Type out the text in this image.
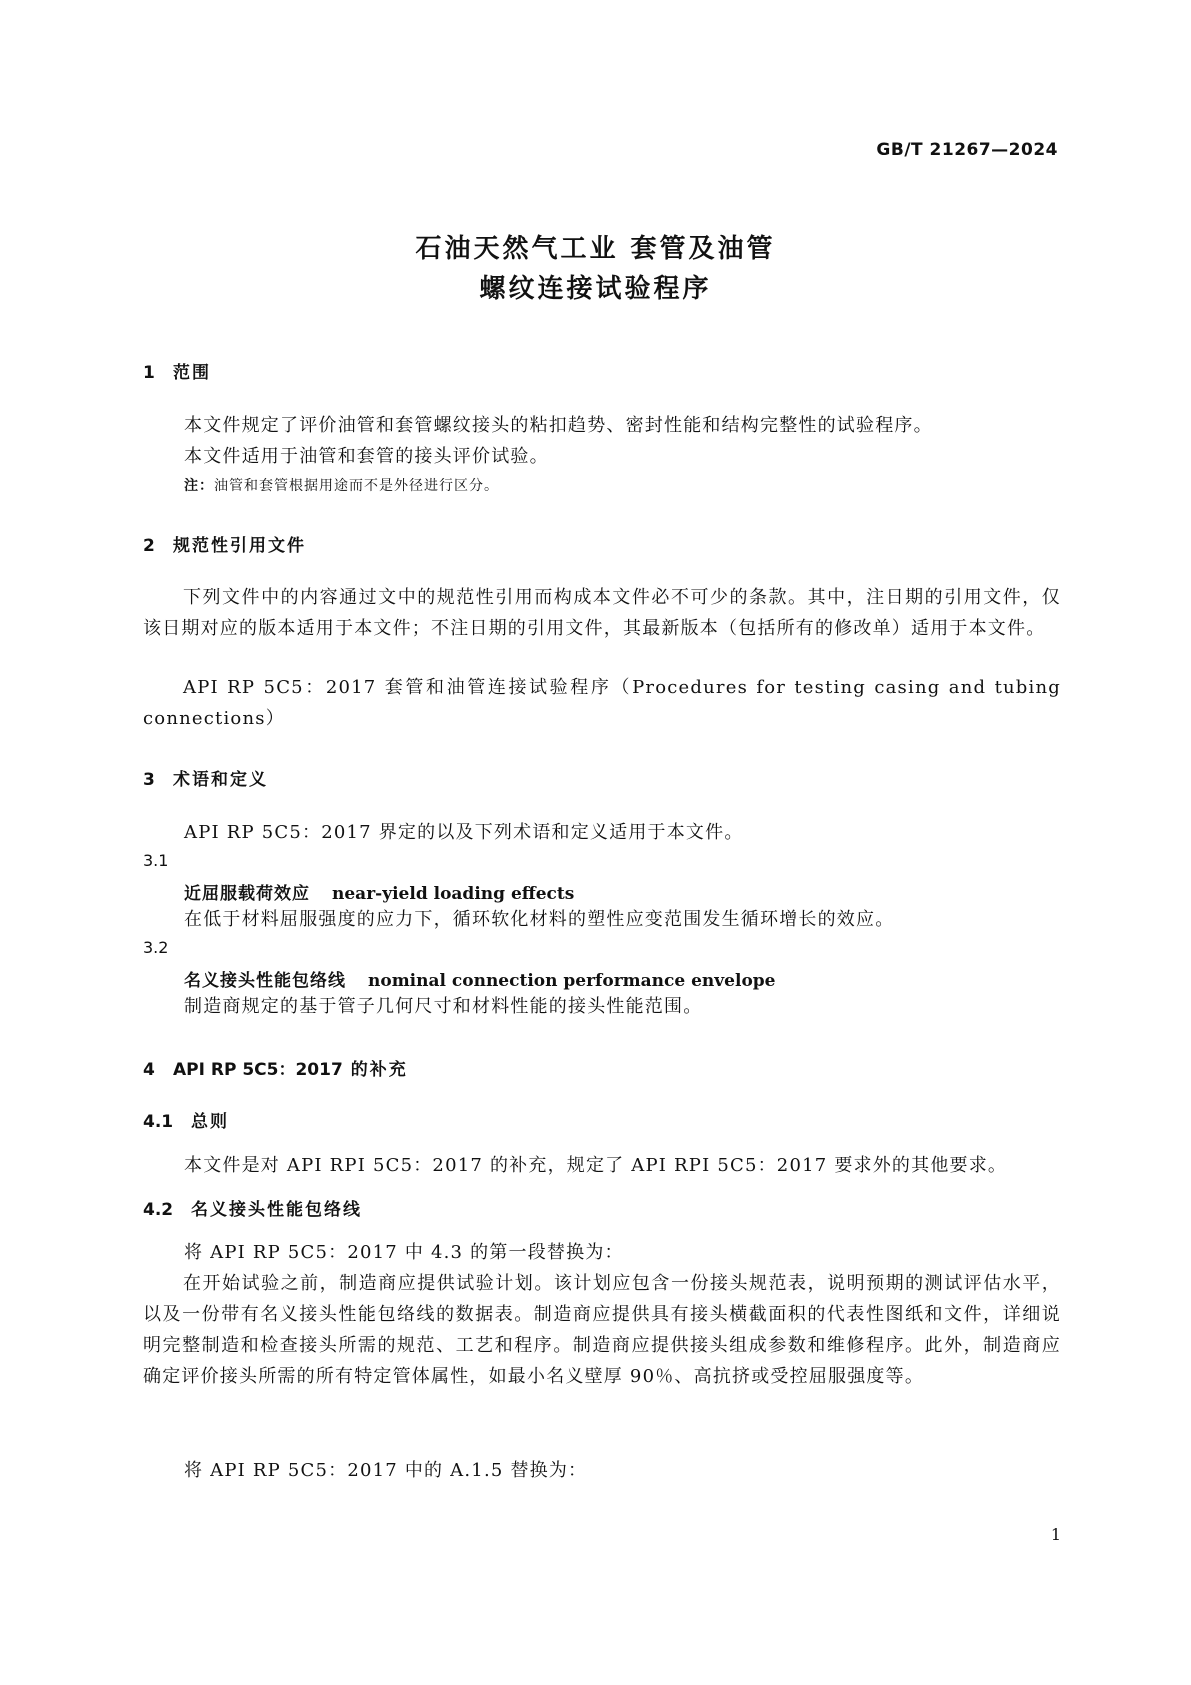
GB/T 21267—2024
石油天然气工业 套管及油管
螺纹连接试验程序
1 范围

本文件规定了评价油管和套管螺纹接头的粘扣趋势、密封性能和结构完整性的试验程序。

本文件适用于油管和套管的接头评价试验。

注：油管和套管根据用途而不是外径进行区分。
2 规范性引用文件

下列文件中的内容通过文中的规范性引用而构成本文件必不可少的条款。其中，注日期的引用文件，仅该日期对应的版本适用于本文件；不注日期的引用文件，其最新版本（包括所有的修改单）适用于本文件。

API RP 5C5：2017 套管和油管连接试验程序（Procedures for testing casing and tubing connections）

3 术语和定义

API RP 5C5：2017 界定的以及下列术语和定义适用于本文件。

3.1
近屈服载荷效应 near-yield loading effects

在低于材料屈服强度的应力下，循环软化材料的塑性应变范围发生循环增长的效应。

3.2
名义接头性能包络线 nominal connection performance envelope

制造商规定的基于管子几何尺寸和材料性能的接头性能范围。

4 API RP 5C5：2017 的补充
4.1 总则

本文件是对 API RPI 5C5：2017 的补充，规定了 API RPI 5C5：2017 要求外的其他要求。

4.2 名义接头性能包络线

将 API RP 5C5：2017 中 4.3 的第一段替换为：

在开始试验之前，制造商应提供试验计划。该计划应包含一份接头规范表，说明预期的测试评估水平，以及一份带有名义接头性能包络线的数据表。制造商应提供具有接头横截面积的代表性图纸和文件，详细说明完整制造和检查接头所需的规范、工艺和程序。制造商应提供接头组成参数和维修程序。此外，制造商应确定评价接头所需的所有特定管体属性，如最小名义壁厚 90％、高抗挤或受控屈服强度等。

将 API RP 5C5：2017 中的 A.1.5 替换为：

1
